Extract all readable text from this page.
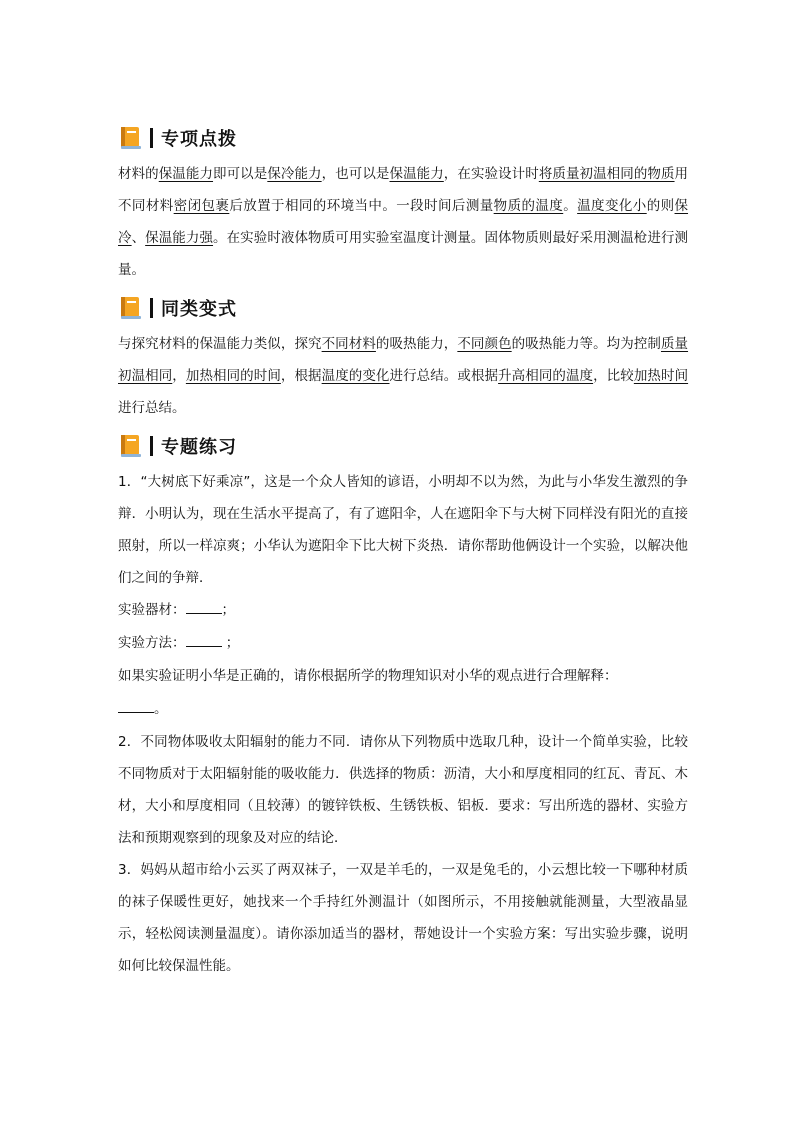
专项点拨

材料的保温能力即可以是保冷能力，也可以是保温能力，在实验设计时将质量初温相同的物质用不同材料密闭包裹后放置于相同的环境当中。一段时间后测量物质的温度。温度变化小的则保冷、保温能力强。在实验时液体物质可用实验室温度计测量。固体物质则最好采用测温枪进行测量。

同类变式

与探究材料的保温能力类似，探究不同材料的吸热能力，不同颜色的吸热能力等。均为控制质量初温相同，加热相同的时间，根据温度的变化进行总结。或根据升高相同的温度，比较加热时间进行总结。

专题练习

1．“大树底下好乘凉”，这是一个众人皆知的谚语，小明却不以为然，为此与小华发生激烈的争辩．小明认为，现在生活水平提高了，有了遮阳伞，人在遮阳伞下与大树下同样没有阳光的直接照射，所以一样凉爽；小华认为遮阳伞下比大树下炎热．请你帮助他俩设计一个实验，以解决他们之间的争辩．

实验器材：	；

实验方法：	；

如果实验证明小华是正确的，请你根据所学的物理知识对小华的观点进行合理解释：

。

2．不同物体吸收太阳辐射的能力不同．请你从下列物质中选取几种，设计一个简单实验，比较不同物质对于太阳辐射能的吸收能力．供选择的物质：沥清，大小和厚度相同的红瓦、青瓦、木材，大小和厚度相同（且较薄）的镀锌铁板、生锈铁板、铝板．要求：写出所选的器材、实验方法和预期观察到的现象及对应的结论．

3．妈妈从超市给小云买了两双袜子，一双是羊毛的，一双是兔毛的，小云想比较一下哪种材质的袜子保暖性更好，她找来一个手持红外测温计（如图所示，不用接触就能测量，大型液晶显示，轻松阅读测量温度）。请你添加适当的器材，帮她设计一个实验方案：写出实验步骤，说明如何比较保温性能。
